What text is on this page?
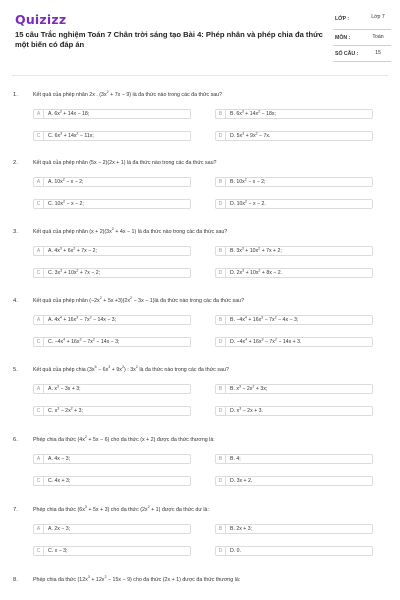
Quizizz
15 câu Trắc nghiệm Toán 7 Chân trời sáng tạo Bài 4: Phép nhân và phép chia đa thức một biến có đáp án
LỚP :	Lớp 7
MÔN :	Toán
SỐ CÂU :	15
1.	Kết quả của phép nhân 2x . $(3x^2 + 7x - 9)$ là đa thức nào trong các đa thức sau?
A	A. $6x^2 + 14x - 18$;	B	B. $6x^3 + 14x^2 - 18x$;
C	C. $6x^3 + 14x^2 - 11x$;	D	D. $5x^3 + 9x^2 - 7x$.
2.	Kết quả của phép nhân (5x − 2)(2x + 1) là đa thức nào trong các đa thức sau?
A	A. $10x^2 - x - 2$;	B	B. $10x^2 - x - 2$;
C	C. $10x^2 - x - 2$;	D	D. $10x^2 - x - 2$.
3.	Kết quả của phép nhân $(x + 2)(3x^2 + 4x - 1)$ là đa thức nào trong các đa thức sau?
A	A. $4x^3 + 6x^2 + 7x - 2$;	B	B. $3x^3 + 10x^2 + 7x + 2$;
C	C. $3x^3 + 10x^2 + 7x - 2$;	D	D. $2x^3 + 10x^2 + 8x - 2$.
4.	Kết quả của phép nhân $(-2x^2 + 5x +3)(2x^2 - 3x$ − 1)là đa thức nào trong các đa thức sau?
A	A. $4x^4 + 16x^3 - 7x^2 - 14x - 3$;	B	B. $-4x^4 + 16x^3 - 7x^2 - 4x - 3$;
C	C. $-4x^4 + 16x^3 - 7x^2 - 14x - 3$;	D	D. $-4x^4 + 16x^3 - 7x^2 - 14x + 3$.
5.	Kết quả của phép chia $(3x^5 - 6x^3 + 9x^2)$ : $3x^2$ là đa thức nào trong các đa thức sau?
A	A. $x^3 - 3x + 3$;	B	B. $x^3 - 2x^2 + 3x$;
C	C. $x^3 - 2x^2 + 3$;	D	D. $x^3 - 2x + 3$.
6.	Phép chia đa thức $(4x^2 + 5x - 6)$ cho đa thức (x + 2) được đa thức thương là:
A	A. 4x − 3;	B	B. 4;
C	C. 4x + 3;	D	D. 3x + 2.
7.	Phép chia đa thức $(6x^3 + 5x + 3)$ cho đa thức $(2x^2 + 1)$ được đa thức dư là:
A	A. 2x − 3;	B	B. 2x + 3;
C	C. x − 3;	D	D. 0.
8.	Phép chia đa thức $(12x^3 + 12x^2 - 15x - 9)$ cho đa thức (2x + 1) được đa thức thương là:
